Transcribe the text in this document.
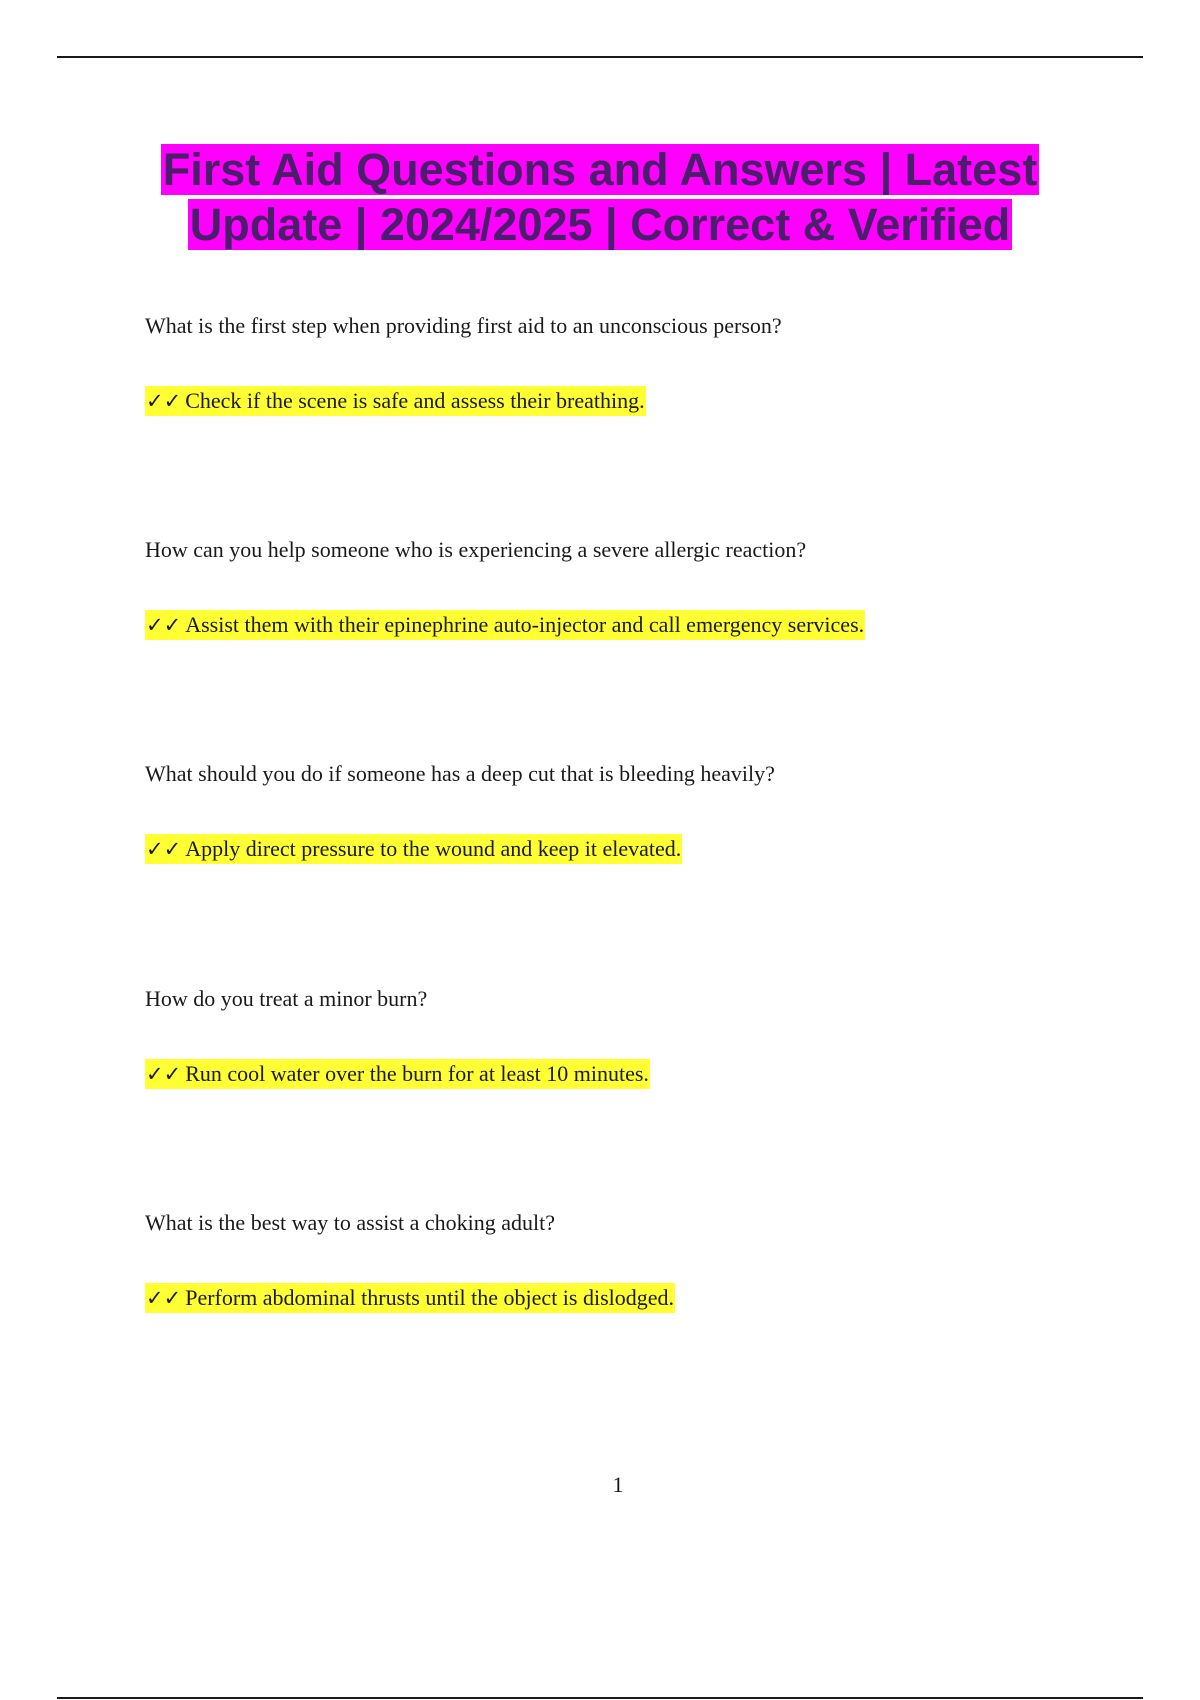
First Aid Questions and Answers | Latest
Update | 2024/2025 | Correct & Verified

What is the first step when providing first aid to an unconscious person?

✓✓ Check if the scene is safe and assess their breathing.

How can you help someone who is experiencing a severe allergic reaction?

✓✓ Assist them with their epinephrine auto-injector and call emergency services.

What should you do if someone has a deep cut that is bleeding heavily?

✓✓ Apply direct pressure to the wound and keep it elevated.

How do you treat a minor burn?

✓✓ Run cool water over the burn for at least 10 minutes.

What is the best way to assist a choking adult?

✓✓ Perform abdominal thrusts until the object is dislodged.

1
